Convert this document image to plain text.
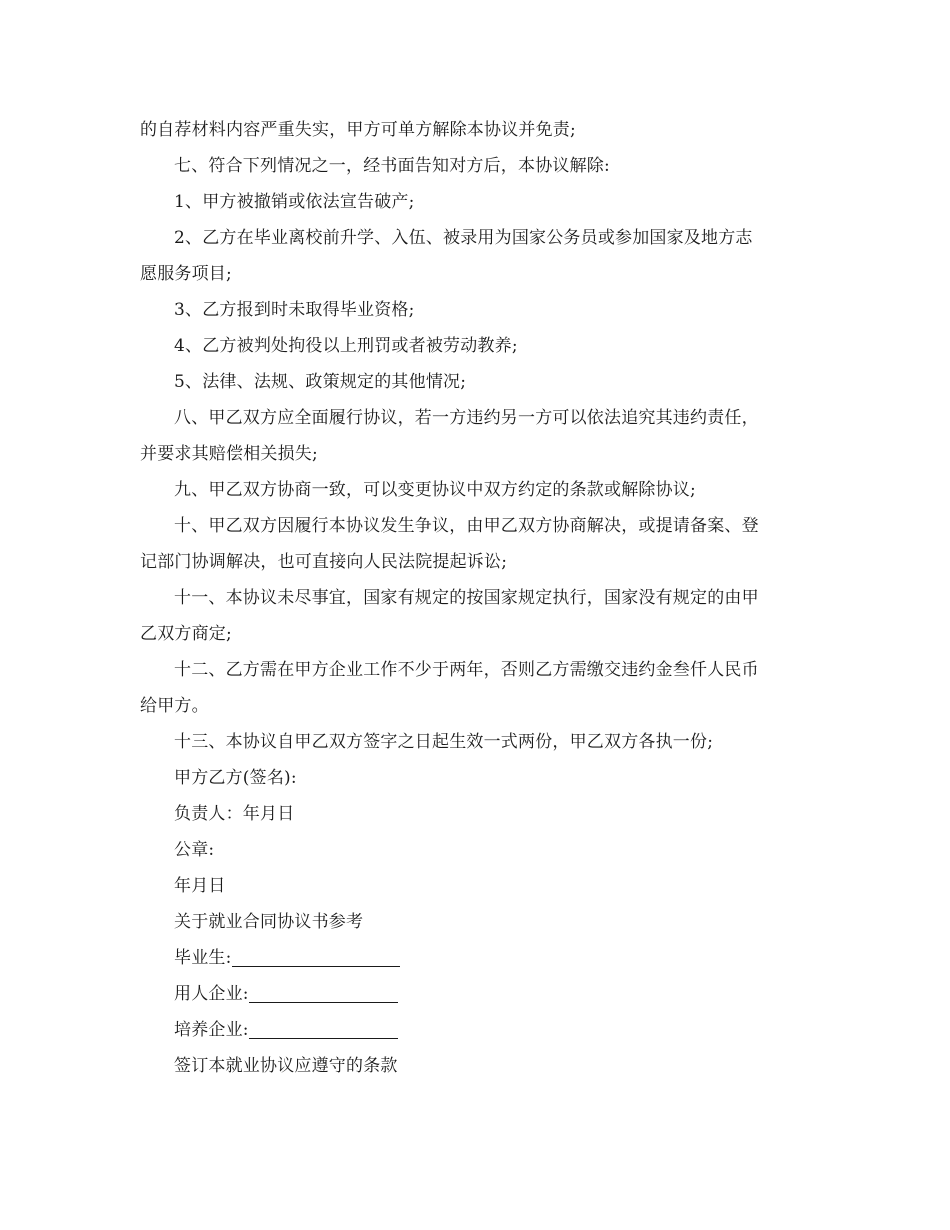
的自荐材料内容严重失实，甲方可单方解除本协议并免责;
七、符合下列情况之一，经书面告知对方后，本协议解除:
1、甲方被撤销或依法宣告破产;
2、乙方在毕业离校前升学、入伍、被录用为国家公务员或参加国家及地方志
愿服务项目;
3、乙方报到时未取得毕业资格;
4、乙方被判处拘役以上刑罚或者被劳动教养;
5、法律、法规、政策规定的其他情况;
八、甲乙双方应全面履行协议，若一方违约另一方可以依法追究其违约责任，
并要求其赔偿相关损失;
九、甲乙双方协商一致，可以变更协议中双方约定的条款或解除协议;
十、甲乙双方因履行本协议发生争议，由甲乙双方协商解决，或提请备案、登
记部门协调解决，也可直接向人民法院提起诉讼;
十一、本协议未尽事宜，国家有规定的按国家规定执行，国家没有规定的由甲
乙双方商定;
十二、乙方需在甲方企业工作不少于两年，否则乙方需缴交违约金叁仟人民币
给甲方。
十三、本协议自甲乙双方签字之日起生效一式两份，甲乙双方各执一份;
甲方乙方(签名):
负责人：年月日
公章:
年月日
关于就业合同协议书参考
毕业生:
用人企业:
培养企业:
签订本就业协议应遵守的条款
